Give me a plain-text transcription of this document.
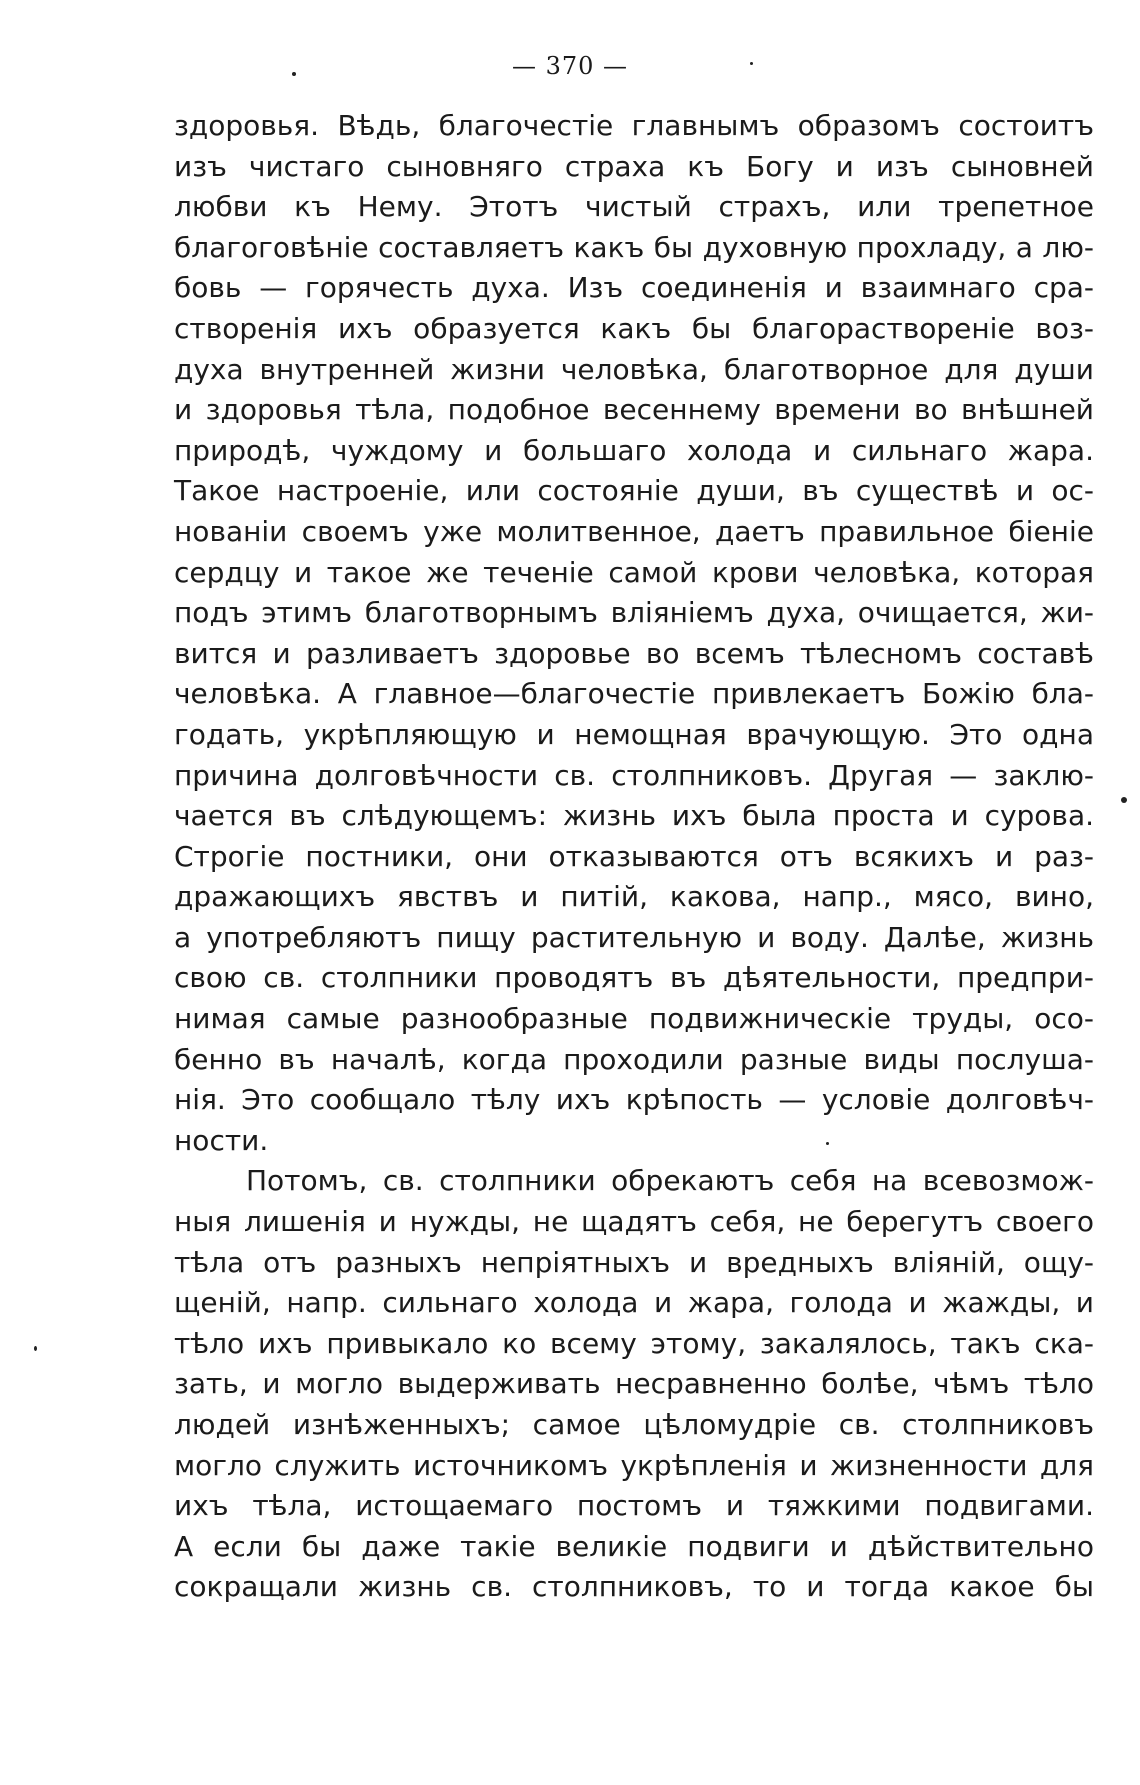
— 370 —
здоровья. Вѣдь, благочестіе главнымъ образомъ состоитъ
изъ чистаго сыновняго страха къ Богу и изъ сыновней
любви къ Нему. Этотъ чистый страхъ, или трепетное
благоговѣніе составляетъ какъ бы духовную прохладу, а лю-
бовь — горячесть духа. Изъ соединенія и взаимнаго сра-
створенія ихъ образуется какъ бы благорастворенiе воз-
духа внутренней жизни человѣка, благотворное для души
и здоровья тѣла, подобное весеннему времени во внѣшней
природѣ, чуждому и большаго холода и сильнаго жара.
Такое настроеніе, или состояніе души, въ существѣ и ос-
нованіи своемъ уже молитвенное, даетъ правильное біеніе
сердцу и такое же теченіе самой крови человѣка, которая
подъ этимъ благотворнымъ вліяніемъ духа, очищается, жи-
вится и разливаетъ здоровье во всемъ тѣлесномъ составѣ
человѣка. А главное—благочестіе привлекаетъ Божію бла-
годать, укрѣпляющую и немощная врачующую. Это одна
причина долговѣчности св. столпниковъ. Другая — заклю-
чается въ слѣдующемъ: жизнь ихъ была проста и сурова.
Строгіе постники, они отказываются отъ всякихъ и раз-
дражающихъ явствъ и питій, какова, напр., мясо, вино,
а употребляютъ пищу растительную и воду. Далѣе, жизнь
свою св. столпники проводятъ въ дѣятельности, предпри-
нимая самые разнообразные подвижническіе труды, осо-
бенно въ началѣ, когда проходили разные виды послуша-
нія. Это сообщало тѣлу ихъ крѣпость — условіе долговѣч-
ности.
Потомъ, св. столпники обрекаютъ себя на всевозмож-
ныя лишенія и нужды, не щадятъ себя, не берегутъ своего
тѣла отъ разныхъ непріятныхъ и вредныхъ вліяній, ощу-
щеній, напр. сильнаго холода и жара, голода и жажды, и
тѣло ихъ привыкало ко всему этому, закалялось, такъ ска-
зать, и могло выдерживать несравненно болѣе, чѣмъ тѣло
людей изнѣженныхъ; самое цѣломудріе св. столпниковъ
могло служить источникомъ укрѣпленія и жизненности для
ихъ тѣла, истощаемаго постомъ и тяжкими подвигами.
А если бы даже такіе великіе подвиги и дѣйствительно
сокращали жизнь св. столпниковъ, то и тогда какое бы
